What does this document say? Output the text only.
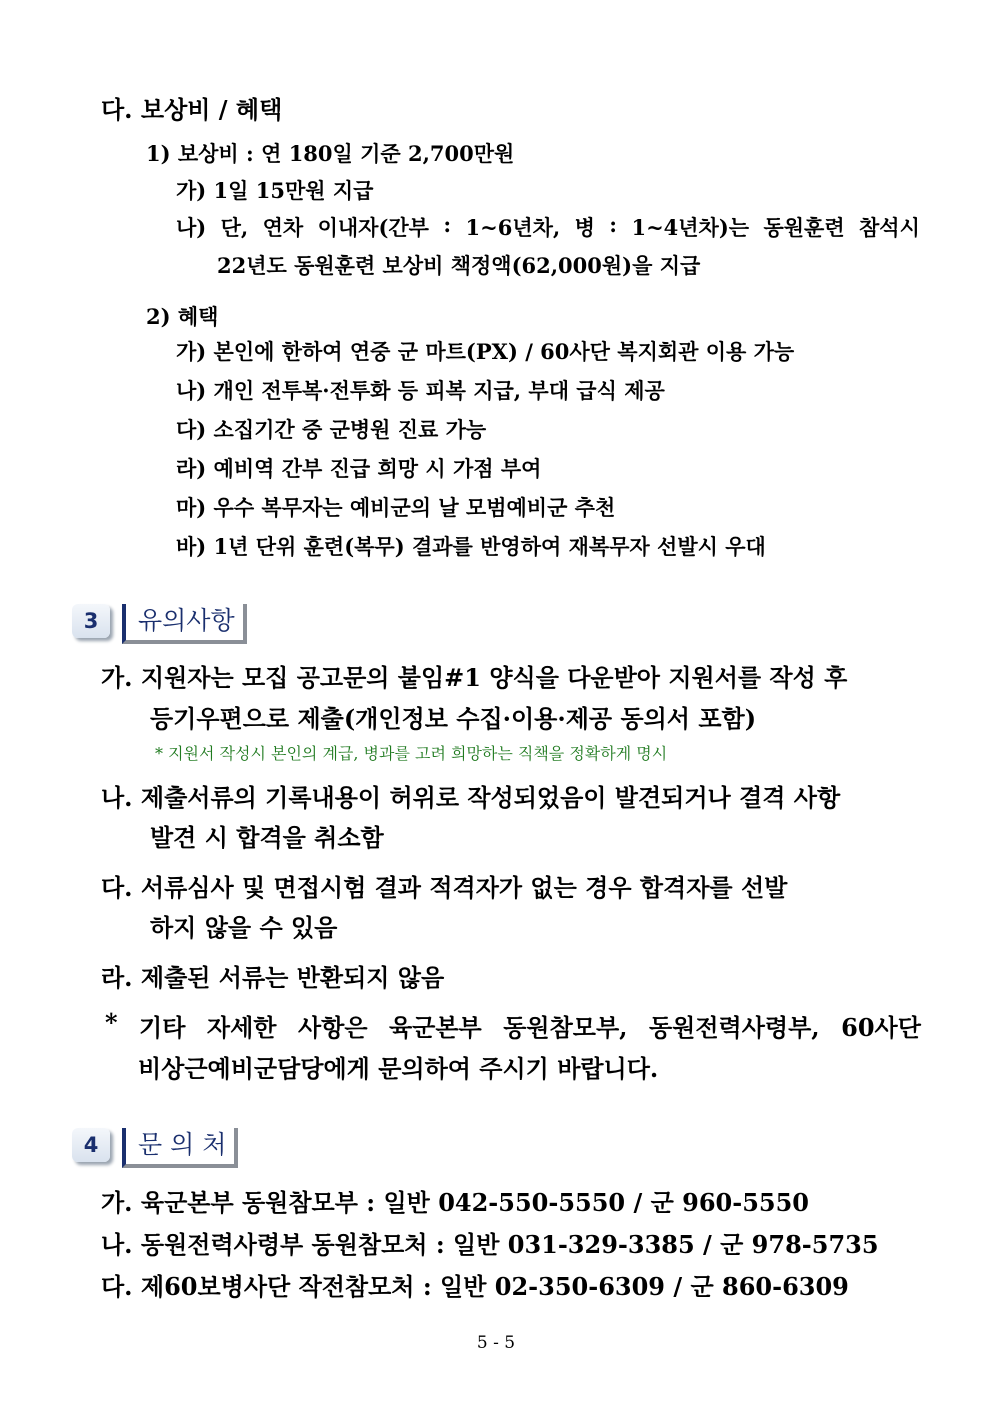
다. 보상비 / 혜택
1) 보상비 : 연 180일 기준 2,700만원
가) 1일 15만원 지급
나) 단, 연차 이내자(간부 : 1~6년차, 병 : 1~4년차)는 동원훈련 참석시
22년도 동원훈련 보상비 책정액(62,000원)을 지급
2) 혜택
가) 본인에 한하여 연중 군 마트(PX) / 60사단 복지회관 이용 가능
나) 개인 전투복·전투화 등 피복 지급, 부대 급식 제공
다) 소집기간 중 군병원 진료 가능
라) 예비역 간부 진급 희망 시 가점 부여
마) 우수 복무자는 예비군의 날 모범예비군 추천
바) 1년 단위 훈련(복무) 결과를 반영하여 재복무자 선발시 우대
3	유의사항
가. 지원자는 모집 공고문의 붙임#1 양식을 다운받아 지원서를 작성 후
등기우편으로 제출(개인정보 수집·이용·제공 동의서 포함)
* 지원서 작성시 본인의 계급, 병과를 고려 희망하는 직책을 정확하게 명시
나. 제출서류의 기록내용이 허위로 작성되었음이 발견되거나 결격 사항
발견 시 합격을 취소함
다. 서류심사 및 면접시험 결과 적격자가 없는 경우 합격자를 선발
하지 않을 수 있음
라. 제출된 서류는 반환되지 않음
* 기타 자세한 사항은 육군본부 동원참모부, 동원전력사령부, 60사단
비상근예비군담당에게 문의하여 주시기 바랍니다.
4	문 의 처
가. 육군본부 동원참모부 : 일반 042-550-5550 / 군 960-5550
나. 동원전력사령부 동원참모처 : 일반 031-329-3385 / 군 978-5735
다. 제60보병사단 작전참모처 : 일반 02-350-6309 / 군 860-6309
5 - 5
